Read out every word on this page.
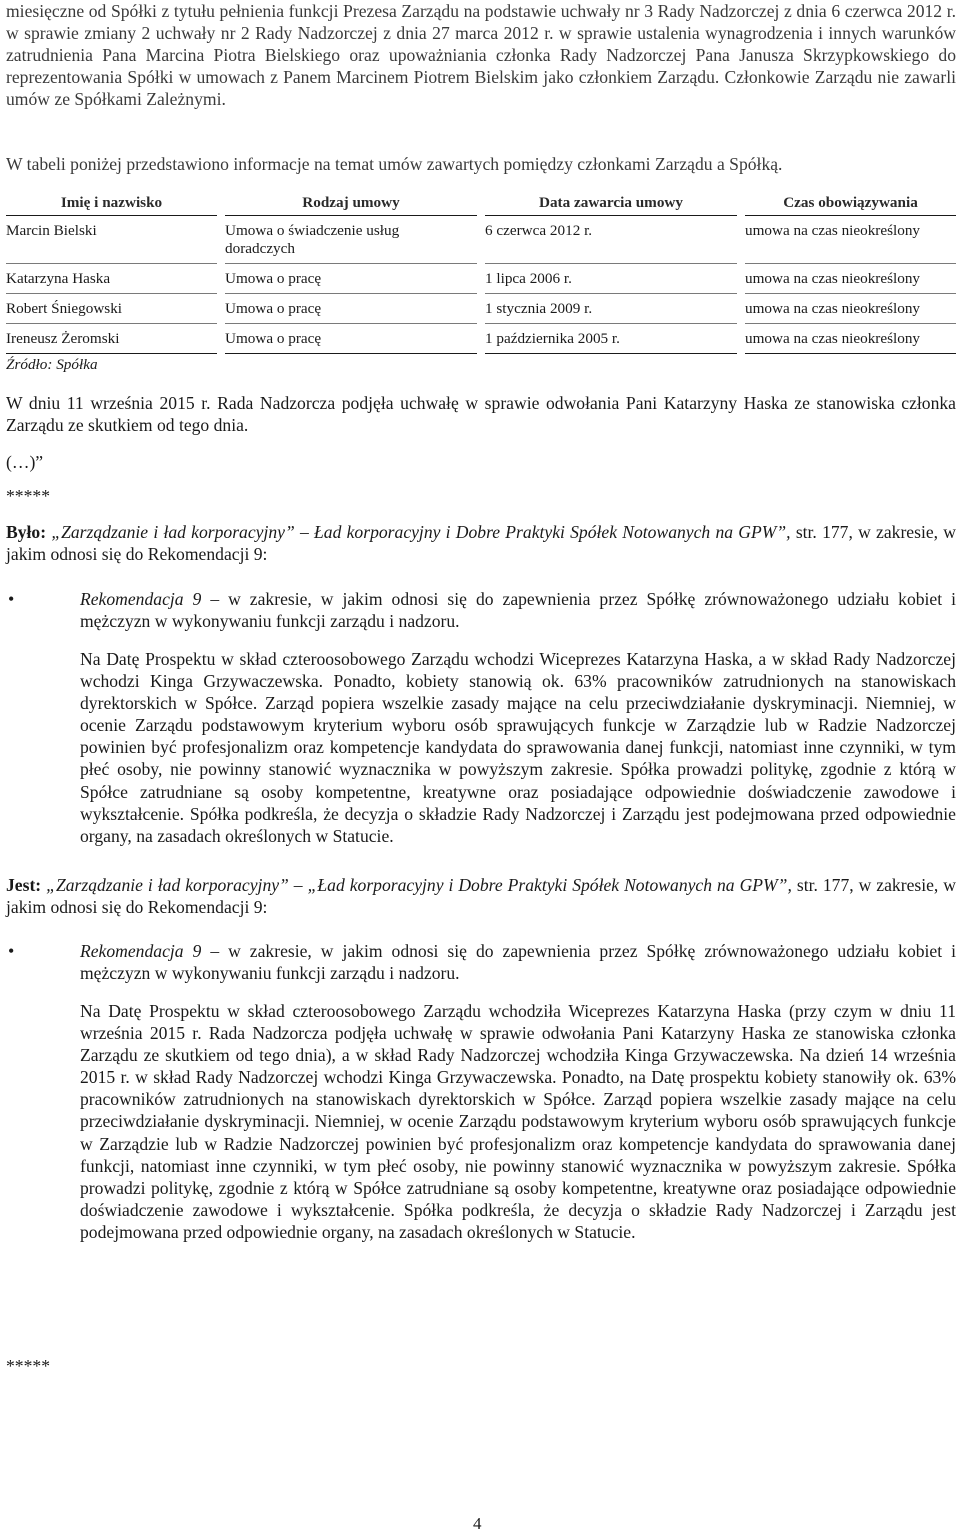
miesięczne od Spółki z tytułu pełnienia funkcji Prezesa Zarządu na podstawie uchwały nr 3 Rady Nadzorczej z dnia 6 czerwca 2012 r. w sprawie zmiany 2 uchwały nr 2 Rady Nadzorczej z dnia 27 marca 2012 r. w sprawie ustalenia wynagrodzenia i innych warunków zatrudnienia Pana Marcina Piotra Bielskiego oraz upoważniania członka Rady Nadzorczej Pana Janusza Skrzypkowskiego do reprezentowania Spółki w umowach z Panem Marcinem Piotrem Bielskim jako członkiem Zarządu. Członkowie Zarządu nie zawarli umów ze Spółkami Zależnymi.

W tabeli poniżej przedstawiono informacje na temat umów zawartych pomiędzy członkami Zarządu a Spółką.

Imię i nazwisko	Rodzaj umowy	Data zawarcia umowy	Czas obowiązywania
Marcin Bielski	Umowa o świadczenie usług doradczych	6 czerwca 2012 r.	umowa na czas nieokreślony
Katarzyna Haska	Umowa o pracę	1 lipca 2006 r.	umowa na czas nieokreślony
Robert Śniegowski	Umowa o pracę	1 stycznia 2009 r.	umowa na czas nieokreślony
Ireneusz Żeromski	Umowa o pracę	1 października 2005 r.	umowa na czas nieokreślony
Źródło: Spółka

W dniu 11 września 2015 r. Rada Nadzorcza podjęła uchwałę w sprawie odwołania Pani Katarzyny Haska ze stanowiska członka Zarządu ze skutkiem od tego dnia.

(…)”

*****

Było: „Zarządzanie i ład korporacyjny” – Ład korporacyjny i Dobre Praktyki Spółek Notowanych na GPW”, str. 177, w zakresie, w jakim odnosi się do Rekomendacji 9:

•	Rekomendacja 9 – w zakresie, w jakim odnosi się do zapewnienia przez Spółkę zrównoważonego udziału kobiet i mężczyzn w wykonywaniu funkcji zarządu i nadzoru.

Na Datę Prospektu w skład czteroosobowego Zarządu wchodzi Wiceprezes Katarzyna Haska, a w skład Rady Nadzorczej wchodzi Kinga Grzywaczewska. Ponadto, kobiety stanowią ok. 63% pracowników zatrudnionych na stanowiskach dyrektorskich w Spółce. Zarząd popiera wszelkie zasady mające na celu przeciwdziałanie dyskryminacji. Niemniej, w ocenie Zarządu podstawowym kryterium wyboru osób sprawujących funkcje w Zarządzie lub w Radzie Nadzorczej powinien być profesjonalizm oraz kompetencje kandydata do sprawowania danej funkcji, natomiast inne czynniki, w tym płeć osoby, nie powinny stanowić wyznacznika w powyższym zakresie. Spółka prowadzi politykę, zgodnie z którą w Spółce zatrudniane są osoby kompetentne, kreatywne oraz posiadające odpowiednie doświadczenie zawodowe i wykształcenie. Spółka podkreśla, że decyzja o składzie Rady Nadzorczej i Zarządu jest podejmowana przed odpowiednie organy, na zasadach określonych w Statucie.

Jest: „Zarządzanie i ład korporacyjny” – „Ład korporacyjny i Dobre Praktyki Spółek Notowanych na GPW”, str. 177, w zakresie, w jakim odnosi się do Rekomendacji 9:

•	Rekomendacja 9 – w zakresie, w jakim odnosi się do zapewnienia przez Spółkę zrównoważonego udziału kobiet i mężczyzn w wykonywaniu funkcji zarządu i nadzoru.

Na Datę Prospektu w skład czteroosobowego Zarządu wchodziła Wiceprezes Katarzyna Haska (przy czym w dniu 11 września 2015 r. Rada Nadzorcza podjęła uchwałę w sprawie odwołania Pani Katarzyny Haska ze stanowiska członka Zarządu ze skutkiem od tego dnia), a w skład Rady Nadzorczej wchodziła Kinga Grzywaczewska. Na dzień 14 września 2015 r. w skład Rady Nadzorczej wchodzi Kinga Grzywaczewska. Ponadto, na Datę prospektu kobiety stanowiły ok. 63% pracowników zatrudnionych na stanowiskach dyrektorskich w Spółce. Zarząd popiera wszelkie zasady mające na celu przeciwdziałanie dyskryminacji. Niemniej, w ocenie Zarządu podstawowym kryterium wyboru osób sprawujących funkcje w Zarządzie lub w Radzie Nadzorczej powinien być profesjonalizm oraz kompetencje kandydata do sprawowania danej funkcji, natomiast inne czynniki, w tym płeć osoby, nie powinny stanowić wyznacznika w powyższym zakresie. Spółka prowadzi politykę, zgodnie z którą w Spółce zatrudniane są osoby kompetentne, kreatywne oraz posiadające odpowiednie doświadczenie zawodowe i wykształcenie. Spółka podkreśla, że decyzja o składzie Rady Nadzorczej i Zarządu jest podejmowana przed odpowiednie organy, na zasadach określonych w Statucie.

*****

4
